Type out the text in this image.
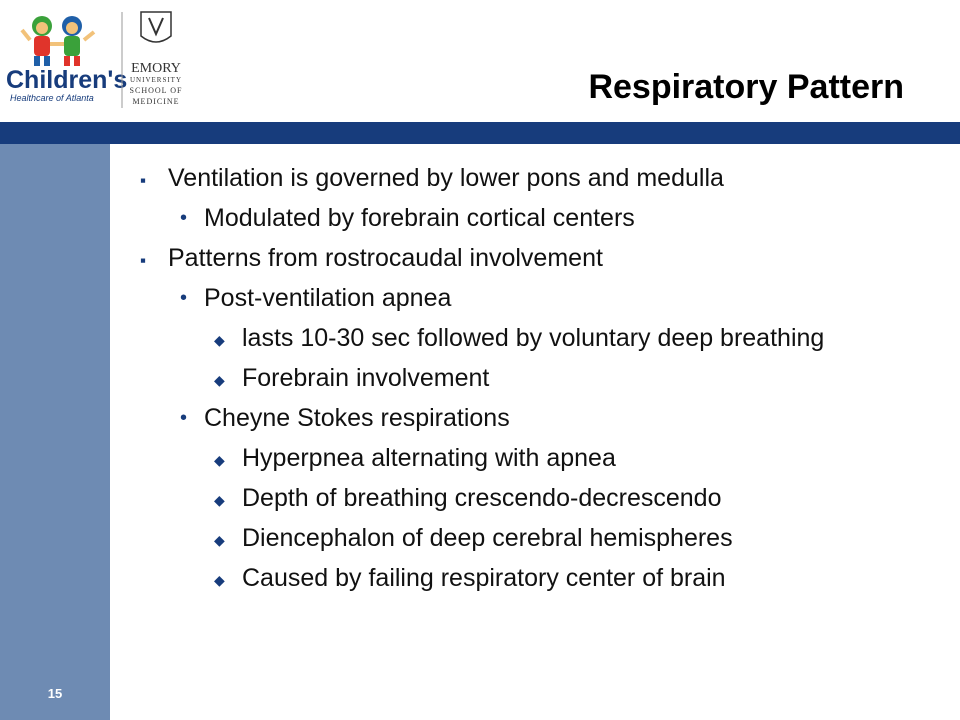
Children's
Healthcare of Atlanta
EMORY
UNIVERSITY
SCHOOL OF
MEDICINE	Respiratory Pattern
15
▪ Ventilation is governed by lower pons and medulla
• Modulated by forebrain cortical centers
▪ Patterns from rostrocaudal involvement
• Post-ventilation apnea
◆ lasts 10-30 sec followed by voluntary deep breathing
◆ Forebrain involvement
• Cheyne Stokes respirations
◆ Hyperpnea alternating with apnea
◆ Depth of breathing crescendo-decrescendo
◆ Diencephalon of deep cerebral hemispheres
◆ Caused by failing respiratory center of brain
